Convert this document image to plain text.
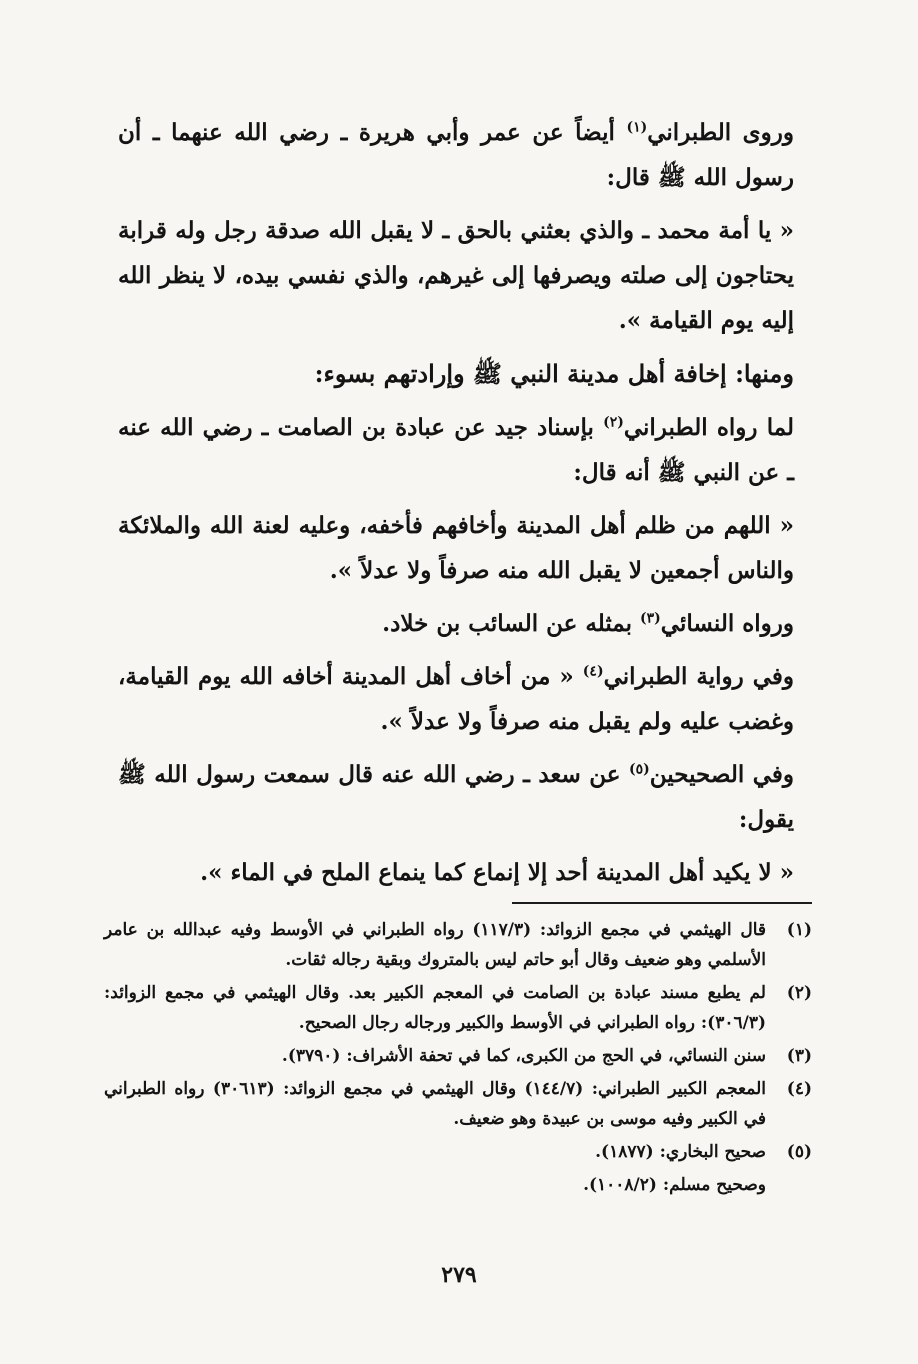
وروى الطبراني$^{(١)}$ أيضاً عن عمر وأبي هريرة ـ رضي الله عنهما ـ أن رسول الله ﷺ قال:

« يا أمة محمد ـ والذي بعثني بالحق ـ لا يقبل الله صدقة رجل وله قرابة يحتاجون إلى صلته ويصرفها إلى غيرهم، والذي نفسي بيده، لا ينظر الله إليه يوم القيامة ».

ومنها: إخافة أهل مدينة النبي ﷺ وإرادتهم بسوء:

لما رواه الطبراني$^{(٢)}$ بإسناد جيد عن عبادة بن الصامت ـ رضي الله عنه ـ عن النبي ﷺ أنه قال:

« اللهم من ظلم أهل المدينة وأخافهم فأخفه، وعليه لعنة الله والملائكة والناس أجمعين لا يقبل الله منه صرفاً ولا عدلاً ».

ورواه النسائي$^{(٣)}$ بمثله عن السائب بن خلاد.

وفي رواية الطبراني$^{(٤)}$ « من أخاف أهل المدينة أخافه الله يوم القيامة، وغضب عليه ولم يقبل منه صرفاً ولا عدلاً ».

وفي الصحيحين$^{(٥)}$ عن سعد ـ رضي الله عنه قال سمعت رسول الله ﷺ يقول:

« لا يكيد أهل المدينة أحد إلا إنماع كما ينماع الملح في الماء ».

(١)
قال الهيثمي في مجمع الزوائد: (١١٧/٣) رواه الطبراني في الأوسط وفيه عبدالله بن عامر الأسلمي وهو ضعيف وقال أبو حاتم ليس بالمتروك وبقية رجاله ثقات.
(٢)
لم يطبع مسند عبادة بن الصامت في المعجم الكبير بعد. وقال الهيثمي في مجمع الزوائد: (٣٠٦/٣): رواه الطبراني في الأوسط والكبير ورجاله رجال الصحيح.
(٣)
سنن النسائي، في الحج من الكبرى، كما في تحفة الأشراف: (٣٧٩٠).
(٤)
المعجم الكبير الطبراني: (١٤٤/٧) وقال الهيثمي في مجمع الزوائد: (٣٠٦١٣) رواه الطبراني في الكبير وفيه موسى بن عبيدة وهو ضعيف.
(٥)
صحيح البخاري: (١٨٧٧).
وصحيح مسلم: (١٠٠٨/٢).
٢٧٩
